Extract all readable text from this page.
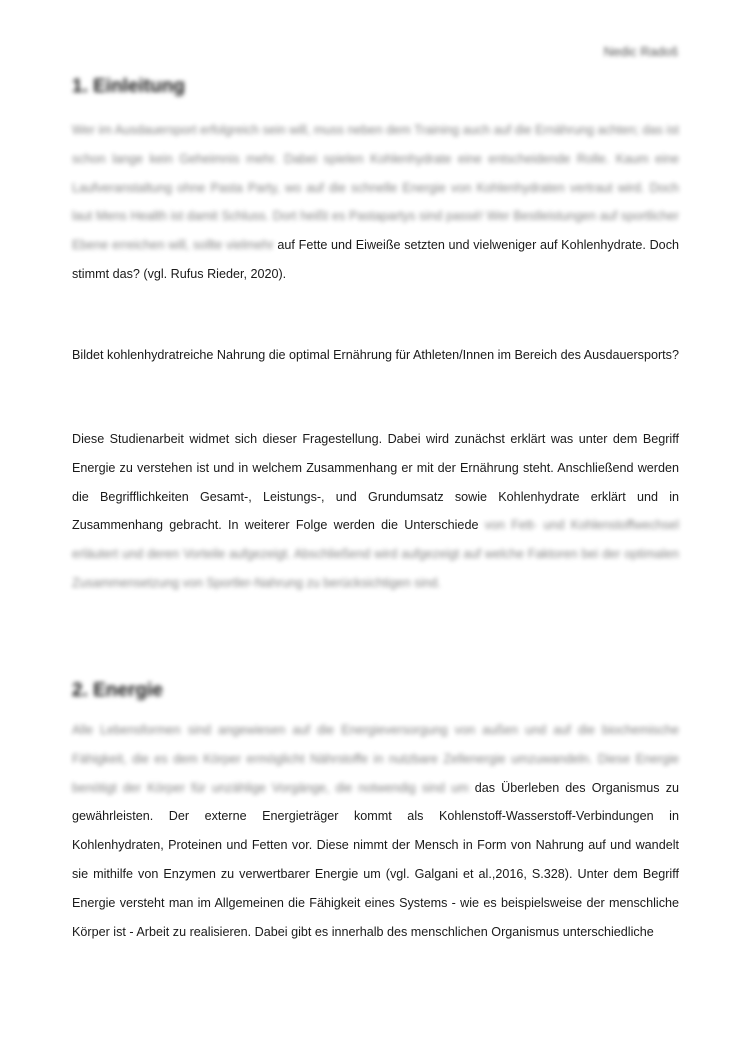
Nedic Radoš
1. Einleitung

Wer im Ausdauersport erfolgreich sein will, muss neben dem Training auch auf die Ernährung achten; das ist schon lange kein Geheimnis mehr. Dabei spielen Kohlenhydrate eine entscheidende Rolle. Kaum eine Laufveranstaltung ohne Pasta Party, wo auf die schnelle Energie von Kohlenhydraten vertraut wird. Doch laut Mens Health ist damit Schluss. Dort heißt es Pastapartys sind passé! Wer Bestleistungen auf sportlicher Ebene erreichen will, sollte vielmehr auf Fette und Eiweiße setzten und vielweniger auf Kohlenhydrate. Doch stimmt das? (vgl. Rufus Rieder, 2020).

Bildet kohlenhydratreiche Nahrung die optimal Ernährung für Athleten/Innen im Bereich des Ausdauersports?

Diese Studienarbeit widmet sich dieser Fragestellung. Dabei wird zunächst erklärt was unter dem Begriff Energie zu verstehen ist und in welchem Zusammenhang er mit der Ernährung steht. Anschließend werden die Begrifflichkeiten Gesamt-, Leistungs-, und Grundumsatz sowie Kohlenhydrate erklärt und in Zusammenhang gebracht. In weiterer Folge werden die Unterschiede von Fett- und Kohlenstoffwechsel erläutert und deren Vorteile aufgezeigt. Abschließend wird aufgezeigt auf welche Faktoren bei der optimalen Zusammensetzung von Sportler-Nahrung zu berücksichtigen sind.

2. Energie

Alle Lebensformen sind angewiesen auf die Energieversorgung von außen und auf die biochemische Fähigkeit, die es dem Körper ermöglicht Nährstoffe in nutzbare Zellenergie umzuwandeln. Diese Energie benötigt der Körper für unzählige Vorgänge, die notwendig sind um das Überleben des Organismus zu gewährleisten. Der externe Energieträger kommt als Kohlenstoff-Wasserstoff-Verbindungen in Kohlenhydraten, Proteinen und Fetten vor. Diese nimmt der Mensch in Form von Nahrung auf und wandelt sie mithilfe von Enzymen zu verwertbarer Energie um (vgl. Galgani et al.,2016, S.328). Unter dem Begriff Energie versteht man im Allgemeinen die Fähigkeit eines Systems - wie es beispielsweise der menschliche Körper ist - Arbeit zu realisieren. Dabei gibt es innerhalb des menschlichen Organismus unterschiedliche
